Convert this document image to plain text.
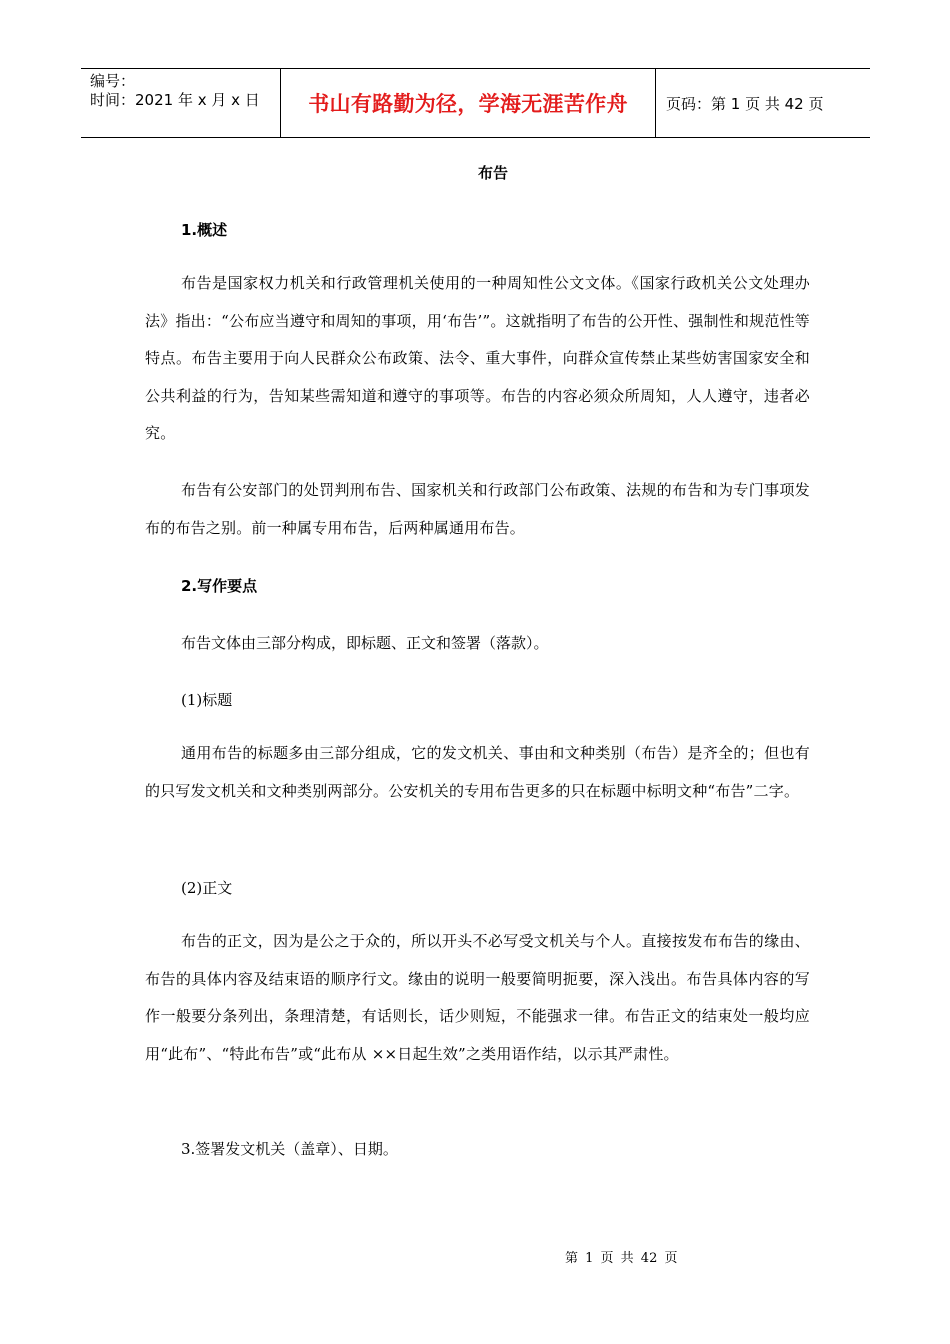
编号：
时间：2021 年 x 月 x 日 书山有路勤为径，学海无涯苦作舟	页码：第 1 页 共 42 页
布告
1.概述
布告是国家权力机关和行政管理机关使用的一种周知性公文文体。《国家行政机关公文处理办法》指出：“公布应当遵守和周知的事项，用‘布告’”。这就指明了布告的公开性、强制性和规范性等特点。布告主要用于向人民群众公布政策、法令、重大事件，向群众宣传禁止某些妨害国家安全和公共利益的行为，告知某些需知道和遵守的事项等。布告的内容必须众所周知，人人遵守，违者必究。
布告有公安部门的处罚判刑布告、国家机关和行政部门公布政策、法规的布告和为专门事项发布的布告之别。前一种属专用布告，后两种属通用布告。
2.写作要点
布告文体由三部分构成，即标题、正文和签署（落款）。
(1)标题
通用布告的标题多由三部分组成，它的发文机关、事由和文种类别（布告）是齐全的；但也有的只写发文机关和文种类别两部分。公安机关的专用布告更多的只在标题中标明文种“布告”二字。
(2)正文
布告的正文，因为是公之于众的，所以开头不必写受文机关与个人。直接按发布布告的缘由、布告的具体内容及结束语的顺序行文。缘由的说明一般要简明扼要，深入浅出。布告具体内容的写作一般要分条列出，条理清楚，有话则长，话少则短，不能强求一律。布告正文的结束处一般均应用“此布”、“特此布告”或“此布从 ××日起生效”之类用语作结，以示其严肃性。
3.签署发文机关（盖章）、日期。
第 1 页 共 42 页
